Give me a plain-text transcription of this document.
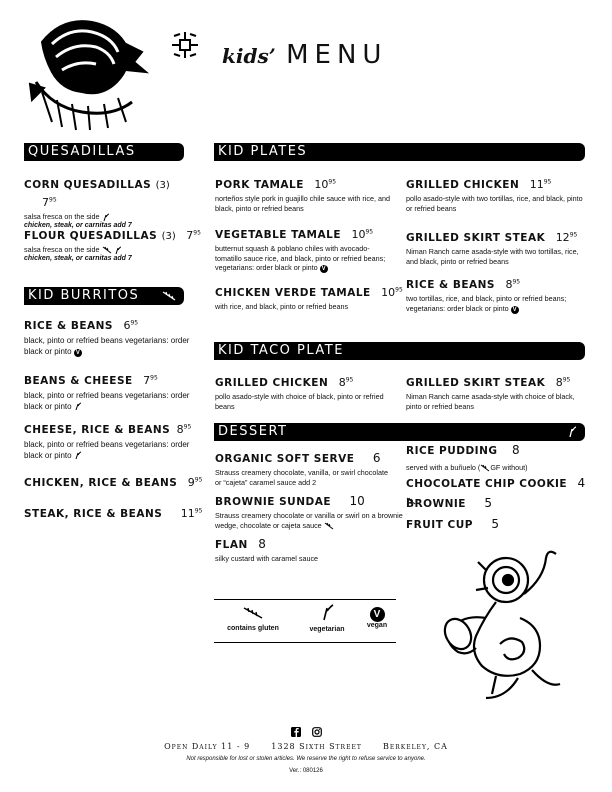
kids’ MENU
QUESADILLAS	KID PLATES
KID BURRITOS
KID TACO PLATE
DESSERT
CORN QUESADILLAS (3) $7^{95}$
salsa fresca on the side
chicken, steak, or carnitas add 7
FLOUR QUESADILLAS (3) $7^{95}$
salsa fresca on the side
chicken, steak, or carnitas add 7
RICE & BEANS $6^{95}$
black, pinto or refried beans vegetarians: order black or pinto V
BEANS & CHEESE $7^{95}$
black, pinto or refried beans vegetarians: order black or pinto
CHEESE, RICE & BEANS $8^{95}$
black, pinto or refried beans vegetarians: order black or pinto
CHICKEN, RICE & BEANS $9^{95}$
STEAK, RICE & BEANS $11^{95}$
PORK TAMALE $10^{95}$
norteños style pork in guajillo chile sauce with rice, and black, pinto or refried beans
VEGETABLE TAMALE $10^{95}$
butternut squash & poblano chiles with avocado-tomatillo sauce rice, and black, pinto or refried beans; vegetarians: order black or pinto V
CHICKEN VERDE TAMALE $10^{95}$
with rice, and black, pinto or refried beans
GRILLED CHICKEN $11^{95}$
pollo asado-style with two tortillas, rice, and black, pinto or refried beans
GRILLED SKIRT STEAK $12^{95}$
Niman Ranch carne asada-style with two tortillas, rice, and black, pinto or refried beans
RICE & BEANS $8^{95}$
two tortillas, rice, and black, pinto or refried beans; vegetarians: order black or pinto V
GRILLED CHICKEN $8^{95}$
pollo asado-style with choice of black, pinto or refried beans
GRILLED SKIRT STEAK $8^{95}$
Niman Ranch carne asada-style with choice of black, pinto or refried beans
ORGANIC SOFT SERVE 6
Strauss creamery chocolate, vanilla, or swirl chocolate or “cajeta” caramel sauce add 2
BROWNIE SUNDAE 10
Strauss creamery chocolate or vanilla or swirl on a brownie wedge, chocolate or cajeta sauce
FLAN 8
silky custard with caramel sauce
RICE PUDDING 8
served with a buñuelo ( GF without)
CHOCOLATE CHIP COOKIE 4
BROWNIE 5
FRUIT CUP 5
contains gluten	vegetarian
V
vegan
Open Daily 11 - 9	1328 Sixth Street	Berkeley, CA
Not responsible for lost or stolen articles. We reserve the right to refuse service to anyone.
Ver.: 080126
